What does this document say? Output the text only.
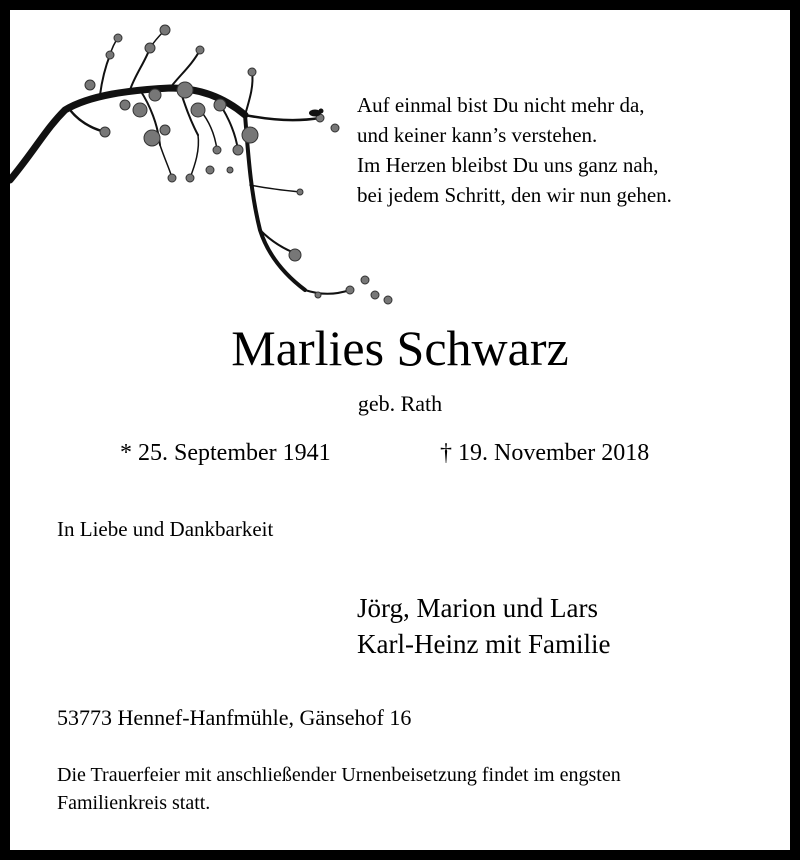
Auf einmal bist Du nicht mehr da,
und keiner kann’s verstehen.
Im Herzen bleibst Du uns ganz nah,
bei jedem Schritt, den wir nun gehen.
Marlies Schwarz
geb. Rath
* 25. September 1941	† 19. November 2018
In Liebe und Dankbarkeit
Jörg, Marion und Lars
Karl-Heinz mit Familie
53773 Hennef-Hanfmühle, Gänsehof 16
Die Trauerfeier mit anschließender Urnenbeisetzung findet im engsten
Familienkreis statt.
